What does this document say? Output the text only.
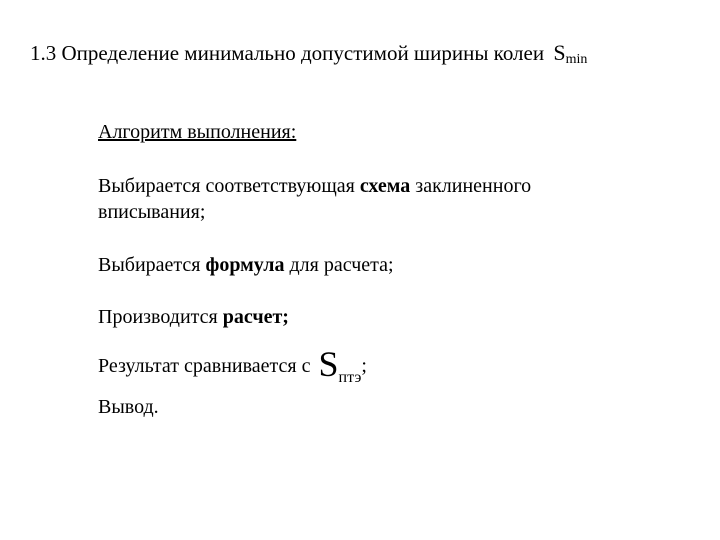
1.3 Определение минимально допустимой ширины колеи $S_{min}$
Алгоритм выполнения:
Выбирается соответствующая схема заклиненного
вписывания;
Выбирается формула для расчета;
Производится расчет;
Результат сравнивается с $S_{птэ}$;
Вывод.
